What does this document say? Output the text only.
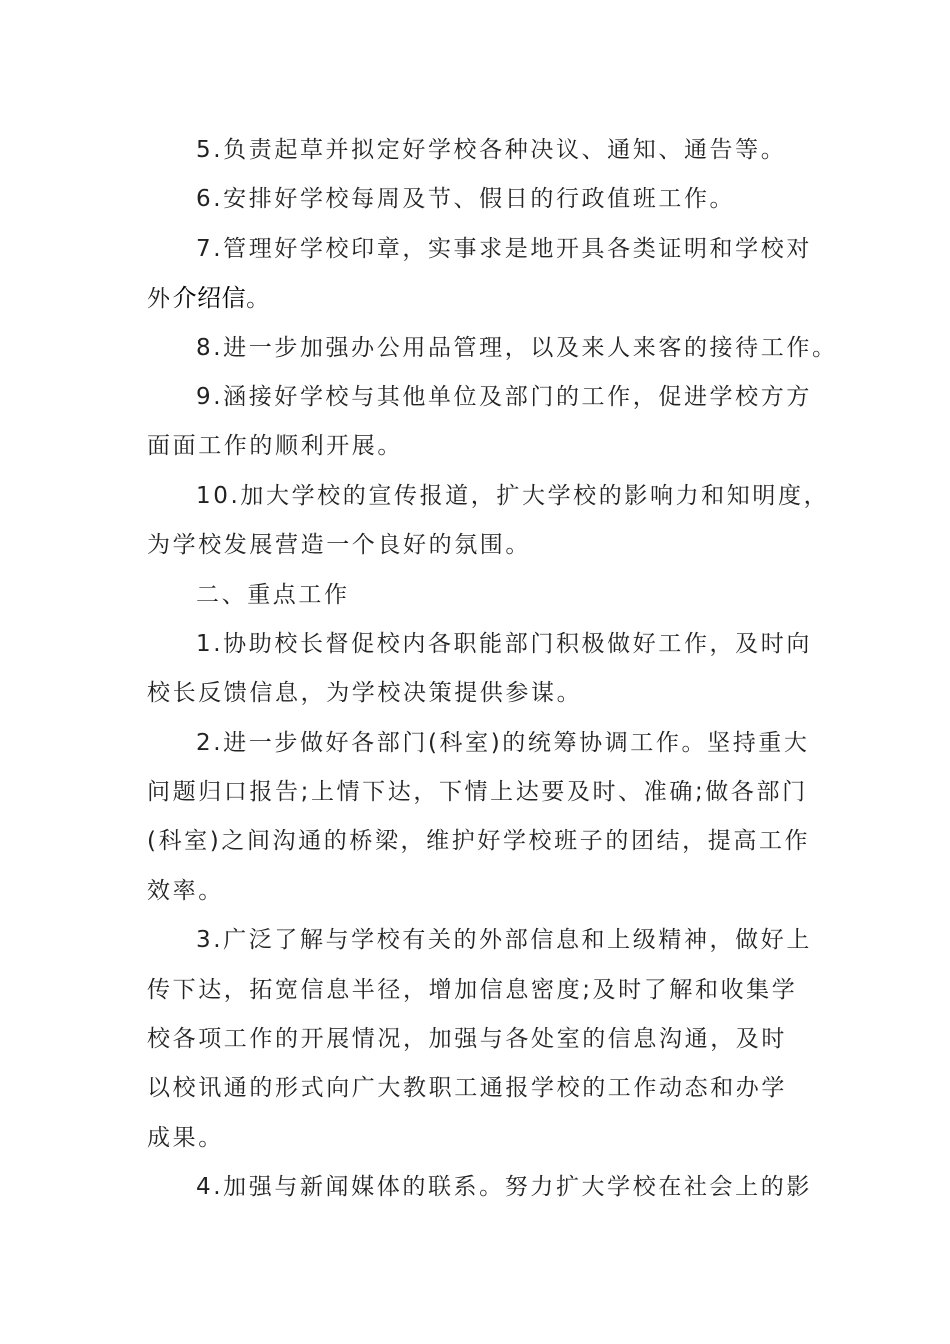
5.负责起草并拟定好学校各种决议、通知、通告等。
6.安排好学校每周及节、假日的行政值班工作。
7.管理好学校印章，实事求是地开具各类证明和学校对
外介绍信。
8.进一步加强办公用品管理，以及来人来客的接待工作。
9.涵接好学校与其他单位及部门的工作，促进学校方方
面面工作的顺利开展。
10.加大学校的宣传报道，扩大学校的影响力和知明度，
为学校发展营造一个良好的氛围。
二、重点工作
1.协助校长督促校内各职能部门积极做好工作，及时向
校长反馈信息，为学校决策提供参谋。
2.进一步做好各部门(科室)的统筹协调工作。坚持重大
问题归口报告;上情下达，下情上达要及时、准确;做各部门
(科室)之间沟通的桥梁，维护好学校班子的团结，提高工作
效率。
3.广泛了解与学校有关的外部信息和上级精神，做好上
传下达，拓宽信息半径，增加信息密度;及时了解和收集学
校各项工作的开展情况，加强与各处室的信息沟通，及时
以校讯通的形式向广大教职工通报学校的工作动态和办学
成果。
4.加强与新闻媒体的联系。努力扩大学校在社会上的影
